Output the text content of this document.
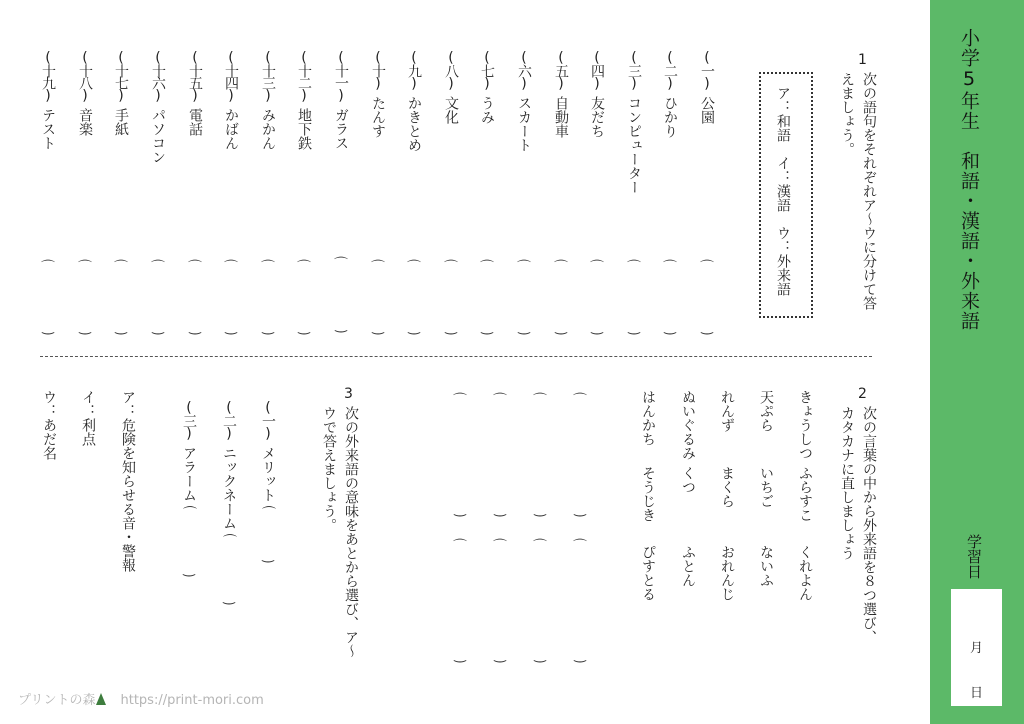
小学5年生　和語・漢語・外来語
学習日
月
日
1
次の語句をそれぞれア〜ウに分けて答
えましょう。
ア：和語　イ：漢語　ウ：外来語
(一)公園
⌒
‿
(二)ひかり
⌒
‿
(三)コンピューター
⌒
‿
(四)友だち
⌒
‿
(五)自動車
⌒
‿
(六)スカート
⌒
‿
(七)うみ
⌒
‿
(八)文化
⌒
‿
(九)かきとめ
⌒
‿
(十)たんす
⌒
‿
(十一)ガラス
⌒
‿
(十二)地下鉄
⌒
‿
(十三)みかん
⌒
‿
(十四)かばん
⌒
‿
(十五)電話
⌒
‿
(十六)パソコン
⌒
‿
(十七)手紙
⌒
‿
(十八)音楽
⌒
‿
(十九)テスト
⌒
‿
2
次の言葉の中から外来語を８つ選び、
カタカナに直しましょう
きょうしつ
ふらすこ
くれよん
天ぷら
いちご
ないふ
れんず
まくら
おれんじ
ぬいぐるみ
くつ
ふとん
はんかち
そうじき
ぴすとる
⌒
‿
⌒
‿
⌒
‿
⌒
‿
⌒
‿
⌒
‿
⌒
‿
⌒
‿
3
次の外来語の意味をあとから選び、ア〜
ウで答えましょう。
(一)メリット⌒
‿
(二)ニックネーム⌒
‿
(三)アラーム⌒
‿
ア：危険を知らせる音・警報
イ：利点
ウ：あだ名
プリントの森 https://print-mori.com
